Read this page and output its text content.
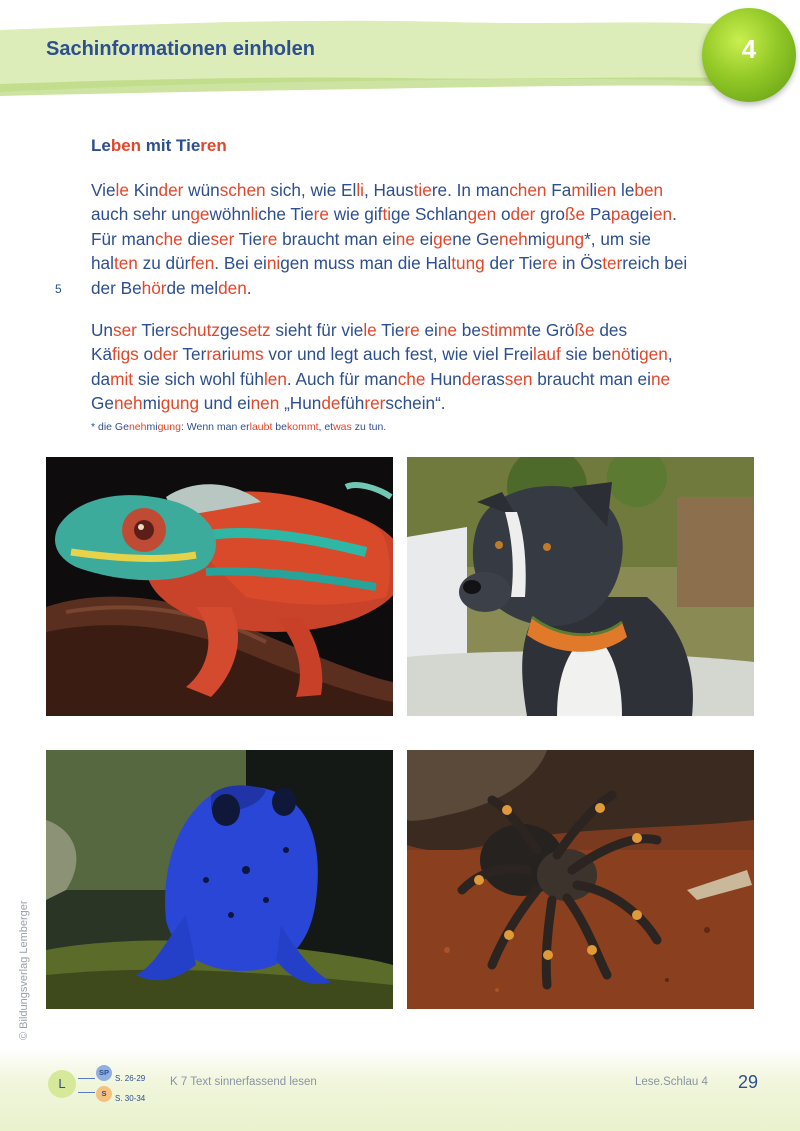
Sachinformationen einholen	4
Leben mit Tieren
Viele Kinder wünschen sich, wie Elli, Haustiere. In manchen Familien leben
auch sehr ungewöhnliche Tiere wie giftige Schlangen oder große Papageien.
Für manche dieser Tiere braucht man eine eigene Genehmigung*, um sie
halten zu dürfen. Bei einigen muss man die Haltung der Tiere in Österreich bei
der Behörde melden.
5
Unser Tierschutzgesetz sieht für viele Tiere eine bestimmte Größe des
Käfigs oder Terrariums vor und legt auch fest, wie viel Freilauf sie benötigen,
damit sie sich wohl fühlen. Auch für manche Hunderassen braucht man eine
Genehmigung und einen „Hundeführerschein“.
* die Genehmigung: Wenn man erlaubt bekommt, etwas zu tun.
© Bildungsverlag Lemberger
L
SP
S. 26-29
S
S. 30-34
K 7 Text sinnerfassend lesen	Lese.Schlau 4 29
